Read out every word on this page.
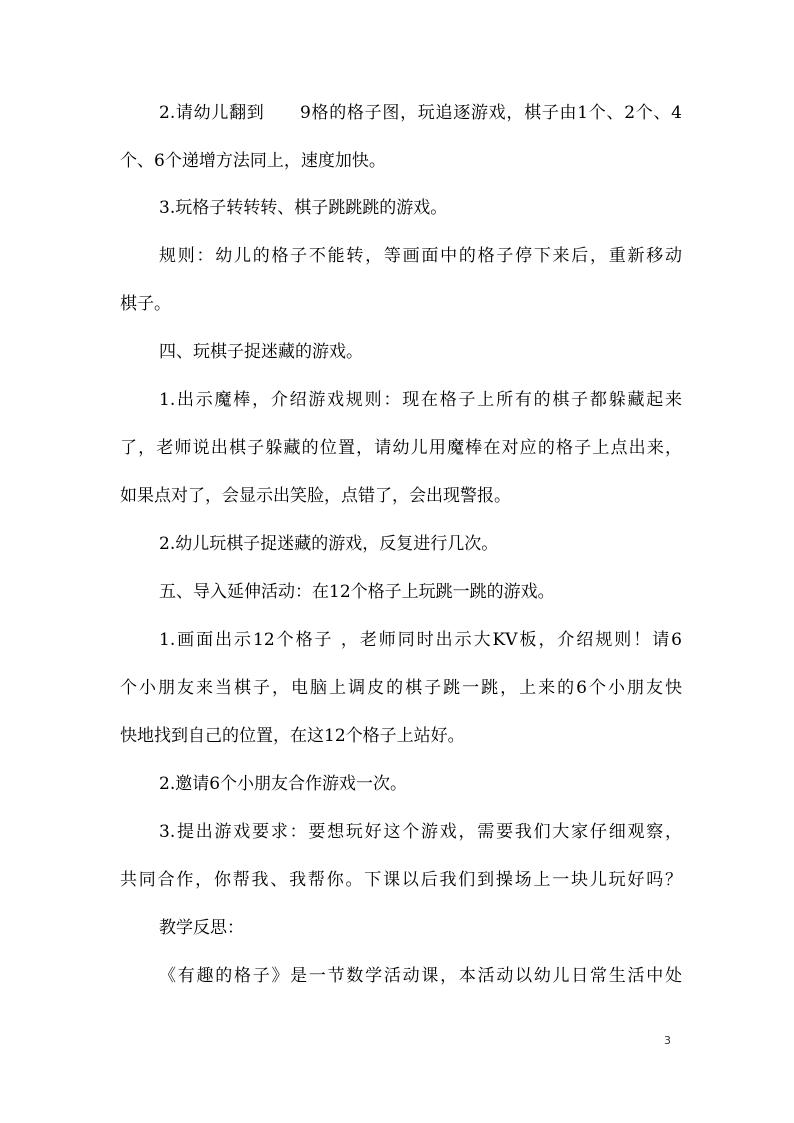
2.请幼儿翻到　　9格的格子图，玩追逐游戏，棋子由1个、2个、4
个、6个递增方法同上，速度加快。
3.玩格子转转转、棋子跳跳跳的游戏。
规则：幼儿的格子不能转，等画面中的格子停下来后，重新移动
棋子。
四、玩棋子捉迷藏的游戏。
1.出示魔棒，介绍游戏规则：现在格子上所有的棋子都躲藏起来
了，老师说出棋子躲藏的位置，请幼儿用魔棒在对应的格子上点出来，
如果点对了，会显示出笑脸，点错了，会出现警报。
2.幼儿玩棋子捉迷藏的游戏，反复进行几次。
五、导入延伸活动：在12个格子上玩跳一跳的游戏。
1.画面出示12个格子 ，老师同时出示大KV板，介绍规则！请6
个小朋友来当棋子，电脑上调皮的棋子跳一跳，上来的6个小朋友快
快地找到自己的位置，在这12个格子上站好。
2.邀请6个小朋友合作游戏一次。
3.提出游戏要求：要想玩好这个游戏，需要我们大家仔细观察，
共同合作，你帮我、我帮你。下课以后我们到操场上一块儿玩好吗？
教学反思：
《有趣的格子》是一节数学活动课，本活动以幼儿日常生活中处
3
